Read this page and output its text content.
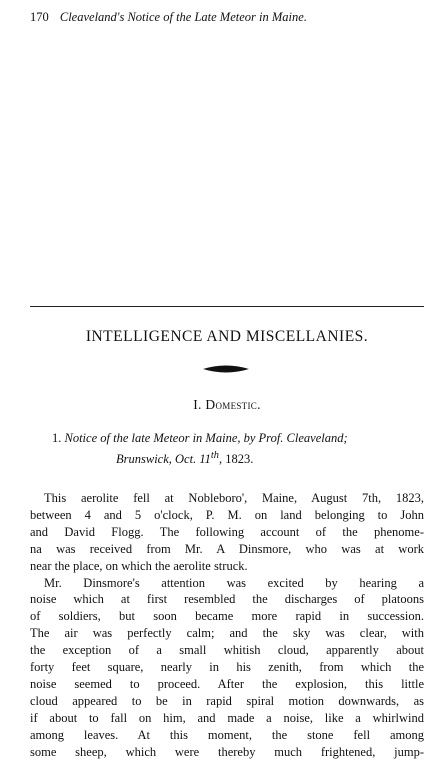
170 Cleaveland's Notice of the Late Meteor in Maine.
INTELLIGENCE AND MISCELLANIES.
I. Domestic.
1. Notice of the late Meteor in Maine, by Prof. Cleaveland;
Brunswick, Oct. 11th, 1823.
This aerolite fell at Nobleboro', Maine, August 7th, 1823,
between 4 and 5 o'clock, P. M. on land belonging to John
and David Flogg. The following account of the phenome-
na was received from Mr. A Dinsmore, who was at work
near the place, on which the aerolite struck.
Mr. Dinsmore's attention was excited by hearing a
noise which at first resembled the discharges of platoons
of soldiers, but soon became more rapid in succession.
The air was perfectly calm; and the sky was clear, with
the exception of a small whitish cloud, apparently about
forty feet square, nearly in his zenith, from which the
noise seemed to proceed. After the explosion, this little
cloud appeared to be in rapid spiral motion downwards, as
if about to fall on him, and made a noise, like a whirlwind
among leaves. At this moment, the stone fell among
some sheep, which were thereby much frightened, jump-
